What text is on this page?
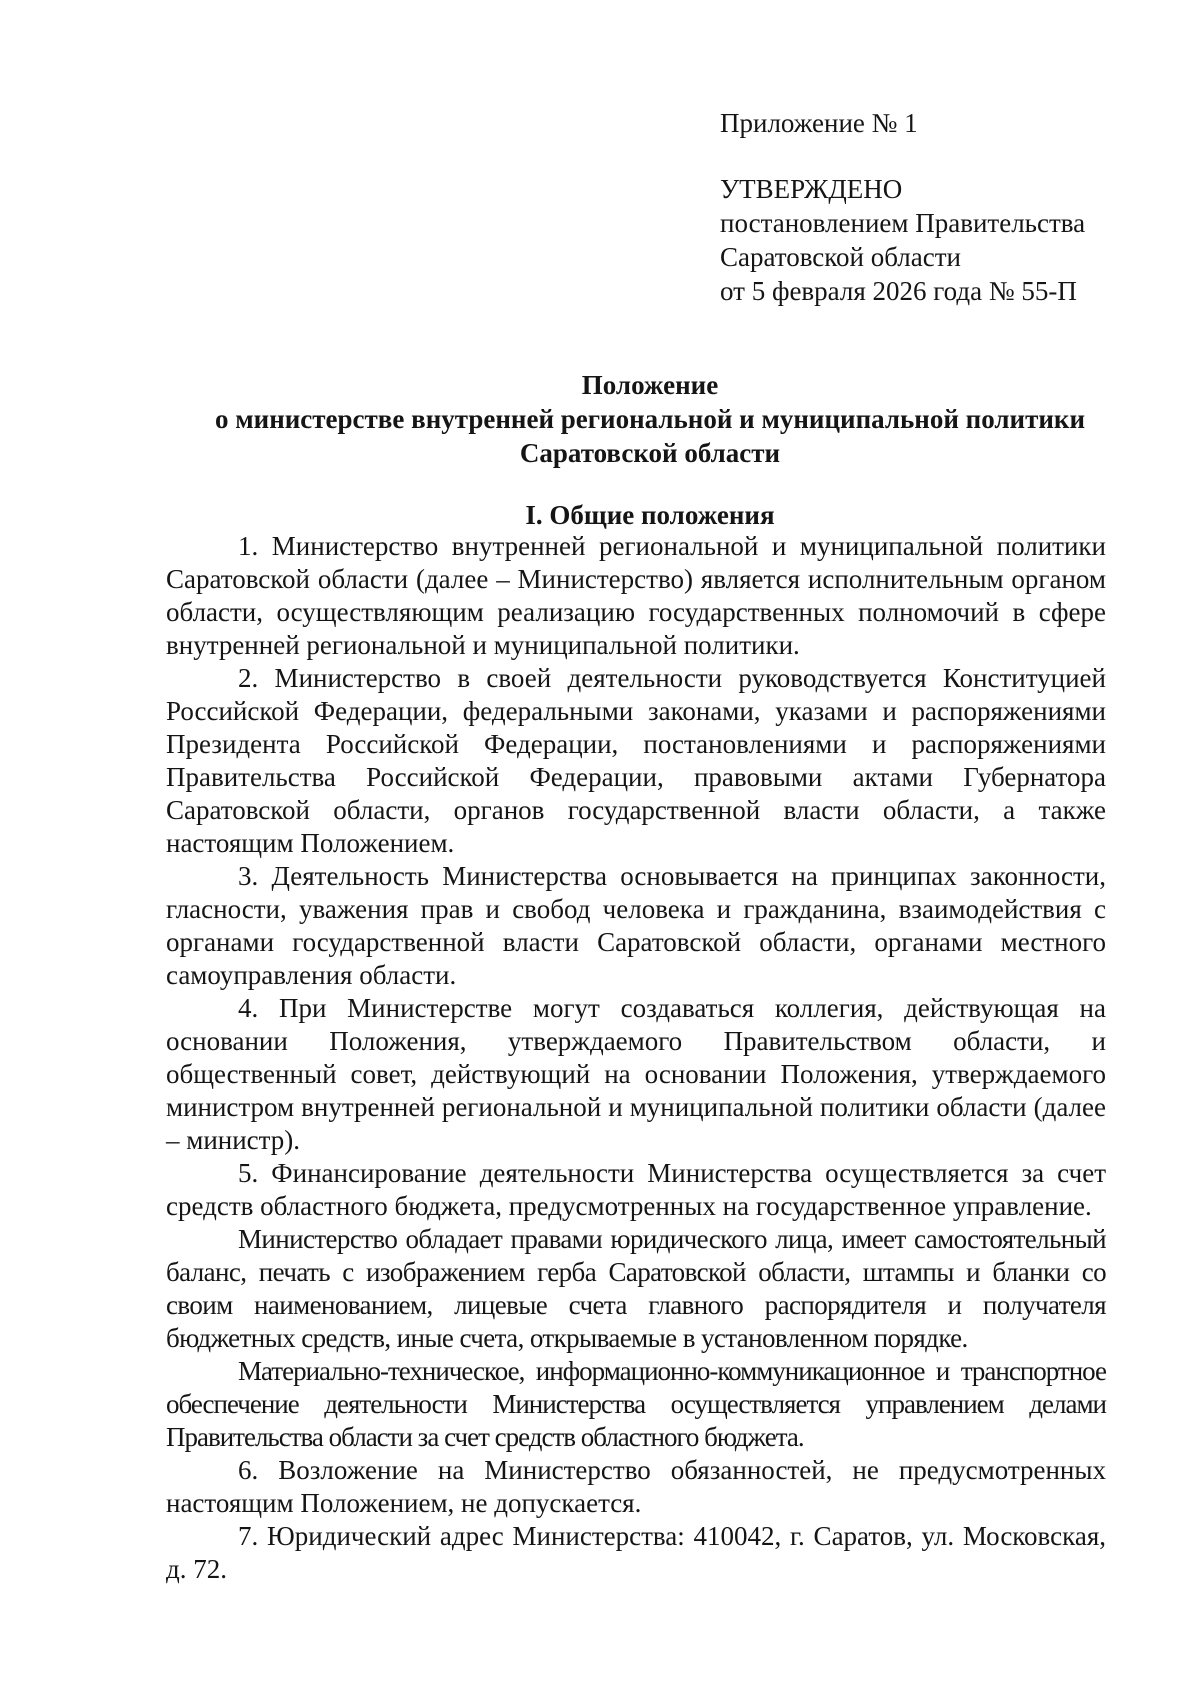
Приложение № 1
УТВЕРЖДЕНО
постановлением Правительства
Саратовской области
от 5 февраля 2026 года № 55-П
Положение
о министерстве внутренней региональной и муниципальной политики
Саратовской области
I. Общие положения

1. Министерство внутренней региональной и муниципальной политики Саратовской области (далее – Министерство) является исполнительным органом области, осуществляющим реализацию государственных полномочий в сфере внутренней региональной и муниципальной политики.

2. Министерство в своей деятельности руководствуется Конституцией Российской Федерации, федеральными законами, указами и распоряжениями Президента Российской Федерации, постановлениями и распоряжениями Правительства Российской Федерации, правовыми актами Губернатора Саратовской области, органов государственной власти области, а также настоящим Положением.

3. Деятельность Министерства основывается на принципах законности, гласности, уважения прав и свобод человека и гражданина, взаимодействия с органами государственной власти Саратовской области, органами местного самоуправления области.

4. При Министерстве могут создаваться коллегия, действующая на основании Положения, утверждаемого Правительством области, и общественный совет, действующий на основании Положения, утверждаемого министром внутренней региональной и муниципальной политики области (далее – министр).

5. Финансирование деятельности Министерства осуществляется за счет средств областного бюджета, предусмотренных на государственное управление.

Министерство обладает правами юридического лица, имеет самостоятельный баланс, печать с изображением герба Саратовской области, штампы и бланки со своим наименованием, лицевые счета главного распорядителя и получателя бюджетных средств, иные счета, открываемые в установленном порядке.

Материально-техническое, информационно-коммуникационное и транспортное обеспечение деятельности Министерства осуществляется управлением делами Правительства области за счет средств областного бюджета.

6. Возложение на Министерство обязанностей, не предусмотренных настоящим Положением, не допускается.

7. Юридический адрес Министерства: 410042, г. Саратов, ул. Московская, д. 72.
